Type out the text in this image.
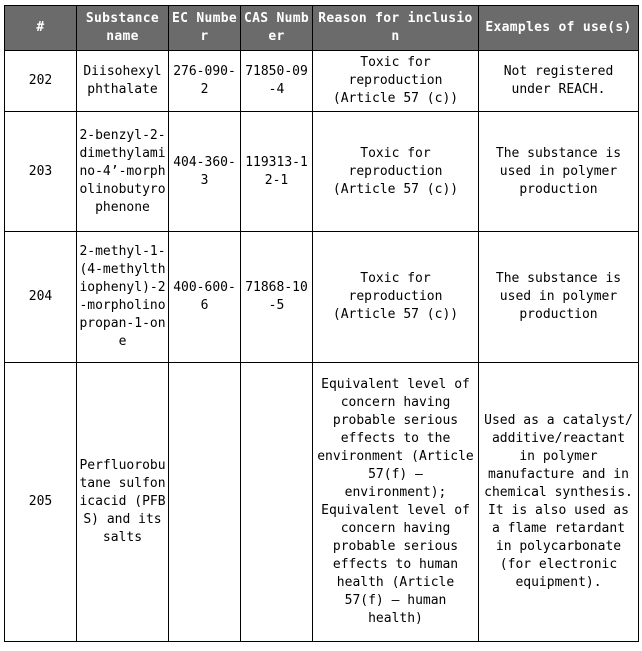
#	Substance name	EC Number	CAS Number	Reason for inclusion	Examples of use(s)
202	Diisohexyl phthalate	276-090-2	71850-09-4	Toxic for reproduction (Article 57 (c))	Not registered under REACH.
203	2-benzyl-2-dimethylamino-4’-morpholinobutyrophenone	404-360-3	119313-12-1	Toxic for reproduction (Article 57 (c))	The substance is used in polymer production
204	2-methyl-1-(4-methylthiophenyl)-2-morpholinopropan-1-one	400-600-6	71868-10-5	Toxic for reproduction (Article 57 (c))	The substance is used in polymer production
205	Perfluorobutane sulfonicacid (PFBS) and its salts			Equivalent level of concern having probable serious effects to the environment (Article 57(f) – environment); Equivalent level of concern having probable serious effects to human health (Article 57(f) – human health)	Used as a catalyst/ additive/reactant in polymer manufacture and in chemical synthesis. It is also used as a flame retardant in polycarbonate (for electronic equipment).
